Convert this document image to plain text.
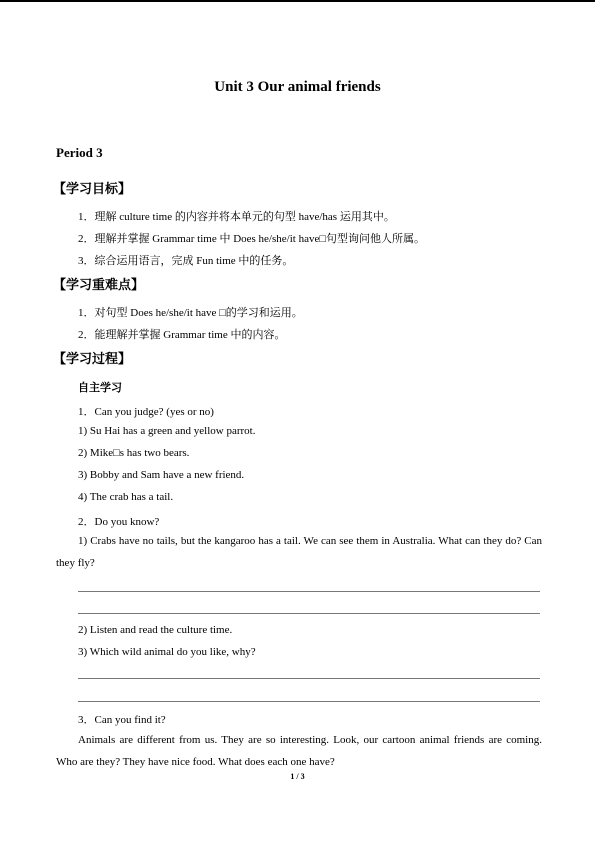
Unit 3 Our animal friends
Period 3
【学习目标】
1．理解 culture time 的内容并将本单元的句型 have/has 运用其中。
2．理解并掌握 Grammar time 中 Does he/she/it have□句型询问他人所属。
3．综合运用语言，完成 Fun time 中的任务。
【学习重难点】
1．对句型 Does he/she/it have □的学习和运用。
2．能理解并掌握 Grammar time 中的内容。
【学习过程】
自主学习
1．Can you judge? (yes or no)
1) Su Hai has a green and yellow parrot.
2) Mike□s has two bears.
3) Bobby and Sam have a new friend.
4) The crab has a tail.
2．Do you know?
1) Crabs have no tails, but the kangaroo has a tail. We can see them in Australia. What can they do? Can they fly?
2) Listen and read the culture time.
3) Which wild animal do you like, why?
3．Can you find it?
Animals are different from us. They are so interesting. Look, our cartoon animal friends are coming. Who are they? They have nice food. What does each one have?
1 / 3
